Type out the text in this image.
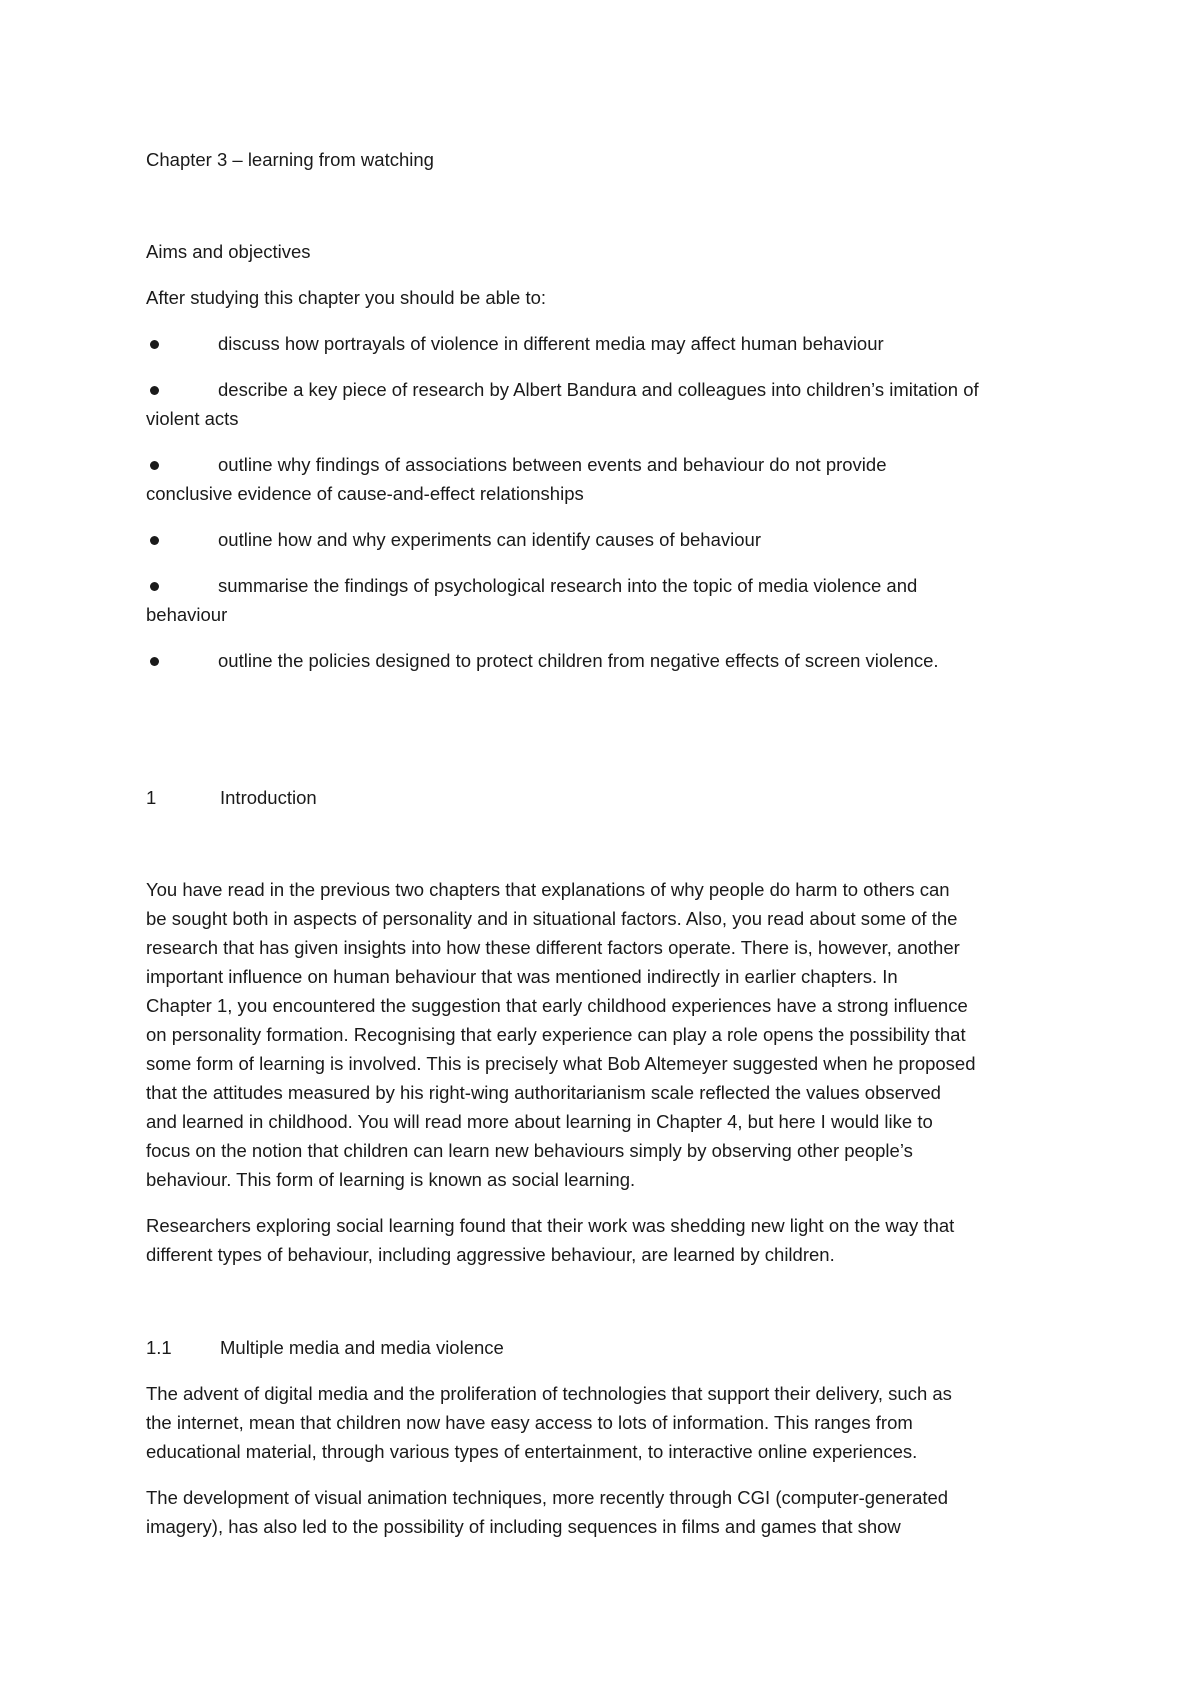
Chapter 3 – learning from watching
Aims and objectives
After studying this chapter you should be able to:
discuss how portrayals of violence in different media may affect human behaviour
describe a key piece of research by Albert Bandura and colleagues into children’s imitation of
violent acts
outline why findings of associations between events and behaviour do not provide
conclusive evidence of cause-and-effect relationships
outline how and why experiments can identify causes of behaviour
summarise the findings of psychological research into the topic of media violence and
behaviour
outline the policies designed to protect children from negative effects of screen violence.
1	Introduction
You have read in the previous two chapters that explanations of why people do harm to others can
be sought both in aspects of personality and in situational factors. Also, you read about some of the
research that has given insights into how these different factors operate. There is, however, another
important influence on human behaviour that was mentioned indirectly in earlier chapters. In
Chapter 1, you encountered the suggestion that early childhood experiences have a strong influence
on personality formation. Recognising that early experience can play a role opens the possibility that
some form of learning is involved. This is precisely what Bob Altemeyer suggested when he proposed
that the attitudes measured by his right-wing authoritarianism scale reflected the values observed
and learned in childhood. You will read more about learning in Chapter 4, but here I would like to
focus on the notion that children can learn new behaviours simply by observing other people’s
behaviour. This form of learning is known as social learning.
Researchers exploring social learning found that their work was shedding new light on the way that
different types of behaviour, including aggressive behaviour, are learned by children.
1.1	Multiple media and media violence
The advent of digital media and the proliferation of technologies that support their delivery, such as
the internet, mean that children now have easy access to lots of information. This ranges from
educational material, through various types of entertainment, to interactive online experiences.
The development of visual animation techniques, more recently through CGI (computer-generated
imagery), has also led to the possibility of including sequences in films and games that show
